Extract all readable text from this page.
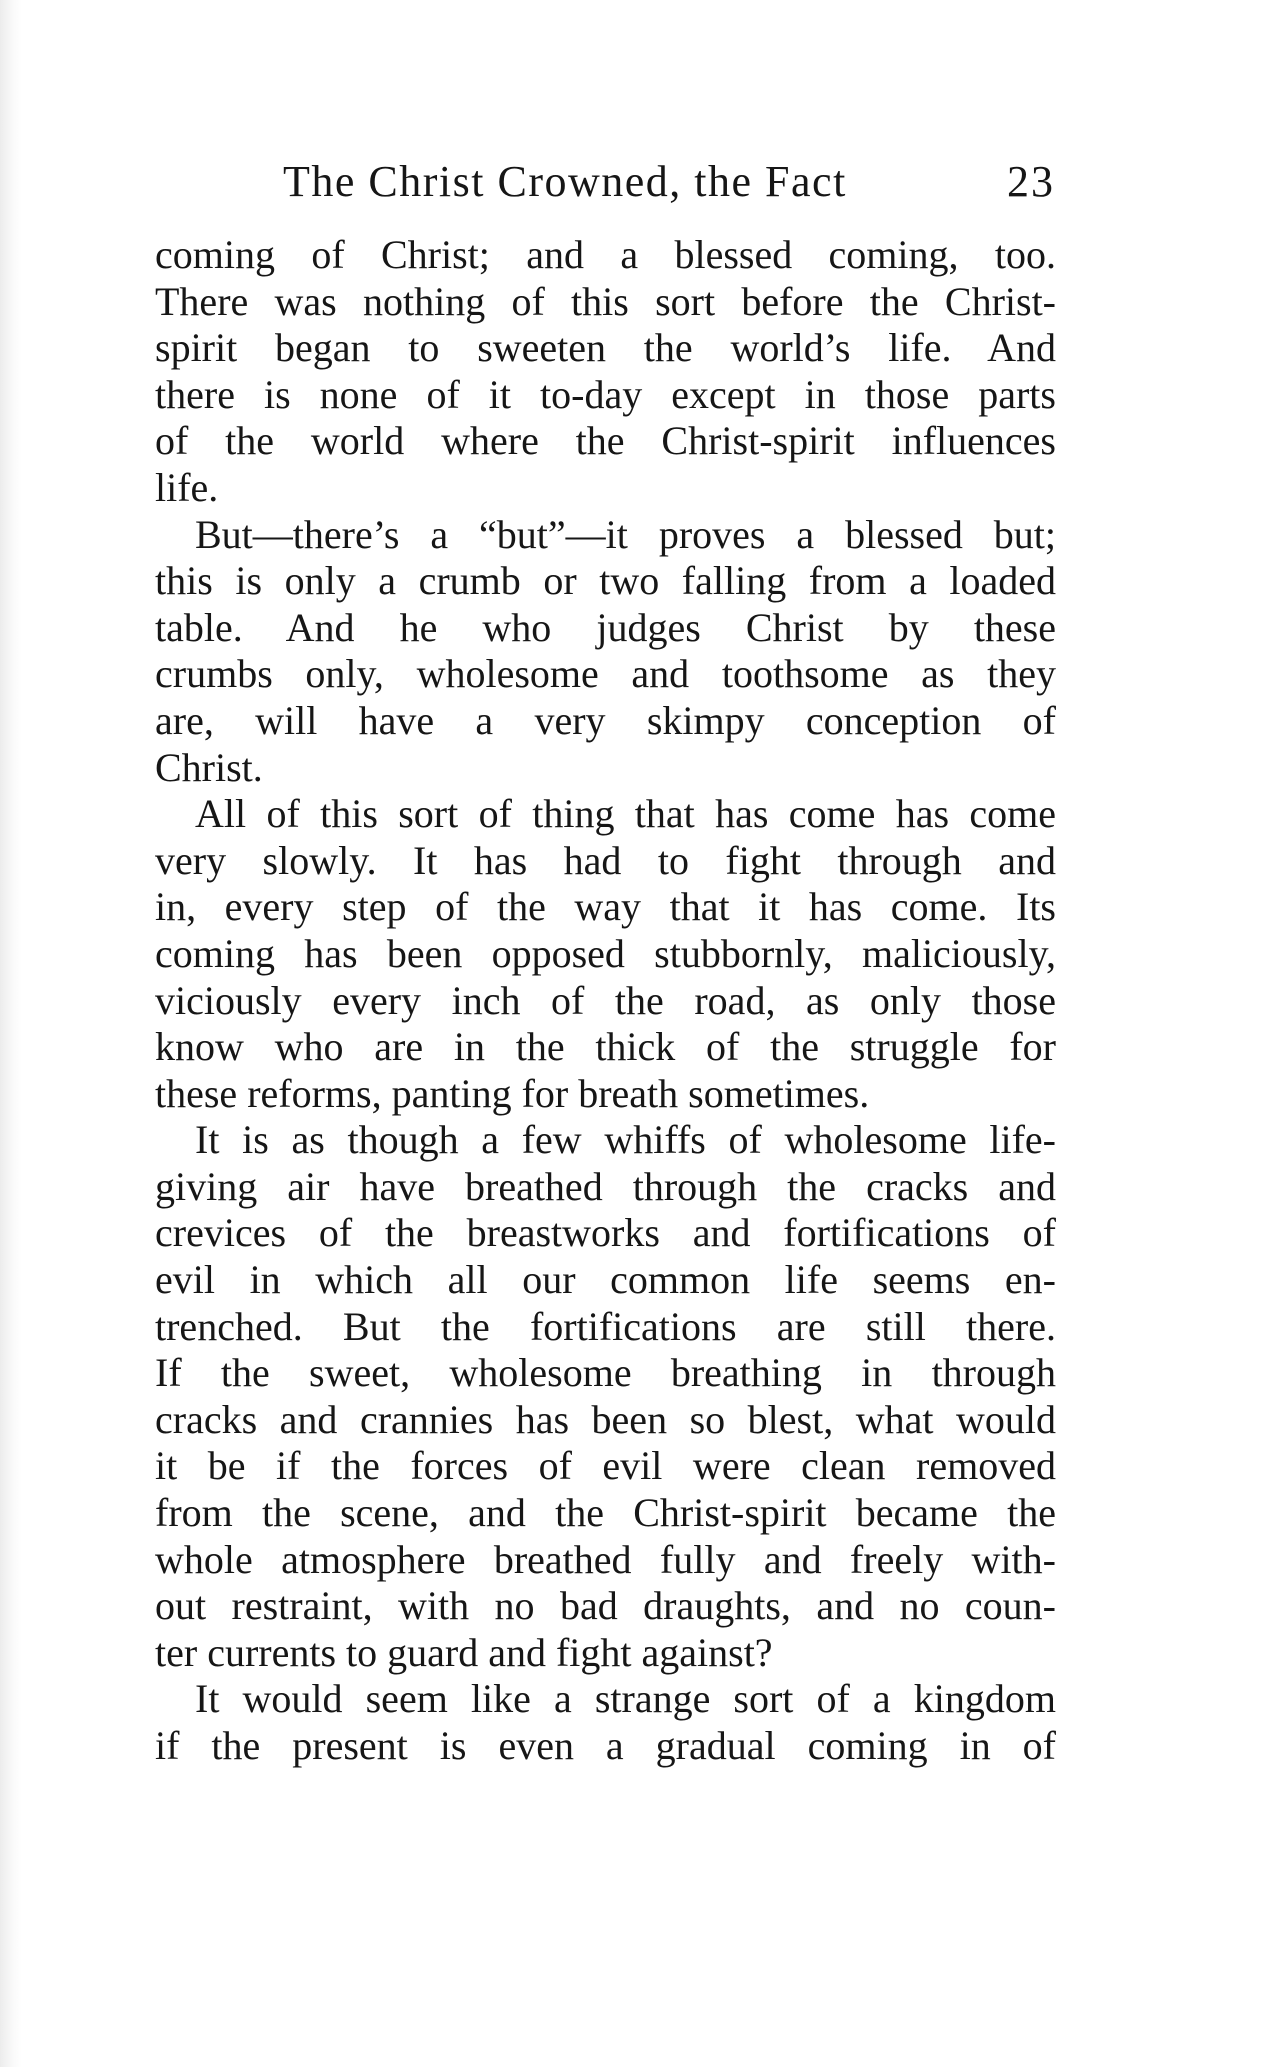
The Christ Crowned, the Fact	23
coming of Christ; and a blessed coming, too.
There was nothing of this sort before the Christ-
spirit began to sweeten the world’s life. And
there is none of it to-day except in those parts
of the world where the Christ-spirit influences
life.
But—there’s a “but”—it proves a blessed but;
this is only a crumb or two falling from a loaded
table. And he who judges Christ by these
crumbs only, wholesome and toothsome as they
are, will have a very skimpy conception of
Christ.
All of this sort of thing that has come has come
very slowly. It has had to fight through and
in, every step of the way that it has come. Its
coming has been opposed stubbornly, maliciously,
viciously every inch of the road, as only those
know who are in the thick of the struggle for
these reforms, panting for breath sometimes.
It is as though a few whiffs of wholesome life-
giving air have breathed through the cracks and
crevices of the breastworks and fortifications of
evil in which all our common life seems en-
trenched. But the fortifications are still there.
If the sweet, wholesome breathing in through
cracks and crannies has been so blest, what would
it be if the forces of evil were clean removed
from the scene, and the Christ-spirit became the
whole atmosphere breathed fully and freely with-
out restraint, with no bad draughts, and no coun-
ter currents to guard and fight against?
It would seem like a strange sort of a kingdom
if the present is even a gradual coming in of
